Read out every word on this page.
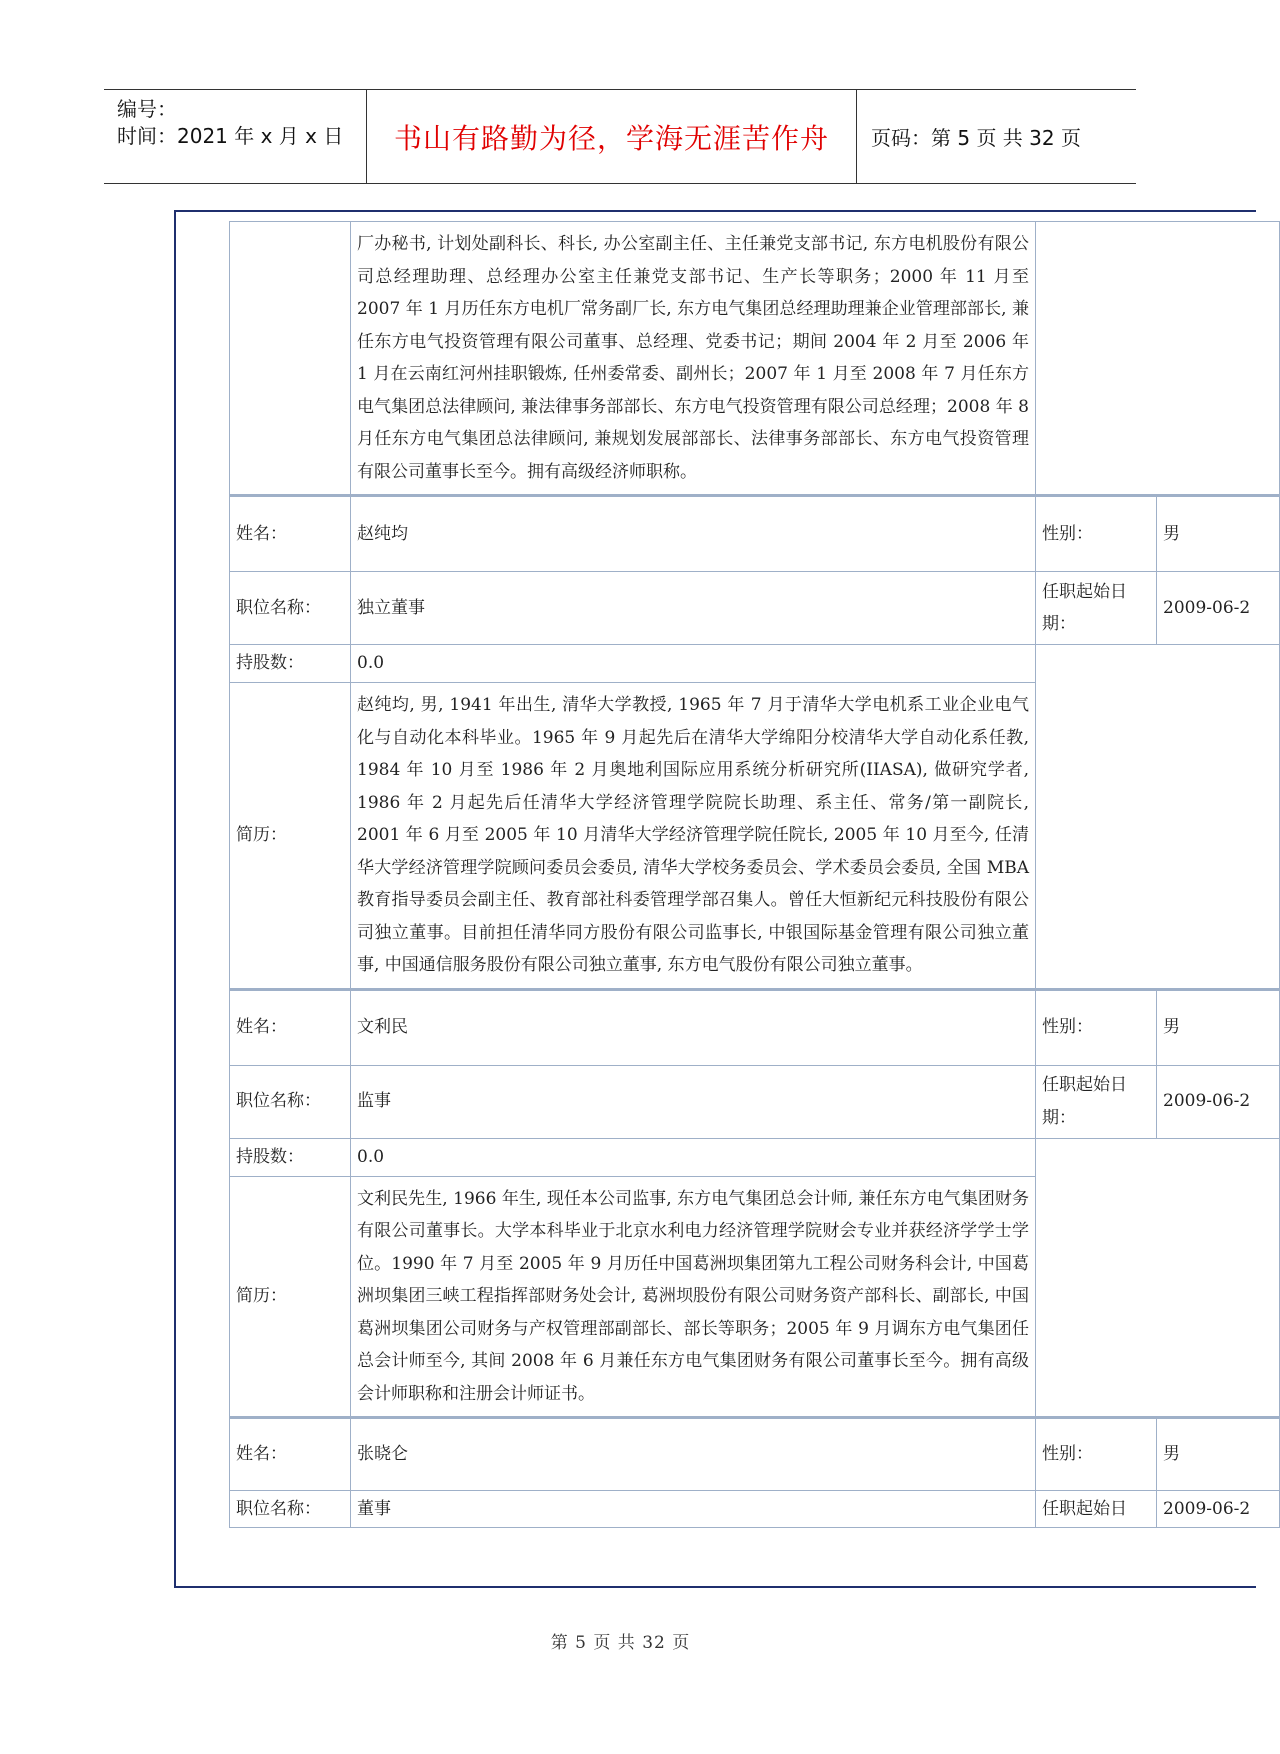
编号：
时间：2021 年 x 月 x 日	书山有路勤为径，学海无涯苦作舟	页码：第 5 页 共 32 页
	厂办秘书, 计划处副科长、科长, 办公室副主任、主任兼党支部书记, 东方电机股份有限公司总经理助理、总经理办公室主任兼党支部书记、生产长等职务；2000 年 11 月至 2007 年 1 月历任东方电机厂常务副厂长, 东方电气集团总经理助理兼企业管理部部长, 兼任东方电气投资管理有限公司董事、总经理、党委书记；期间 2004 年 2 月至 2006 年 1 月在云南红河州挂职锻炼, 任州委常委、副州长；2007 年 1 月至 2008 年 7 月任东方电气集团总法律顾问, 兼法律事务部部长、东方电气投资管理有限公司总经理；2008 年 8 月任东方电气集团总法律顾问, 兼规划发展部部长、法律事务部部长、东方电气投资管理有限公司董事长至今。拥有高级经济师职称。		
姓名：	赵纯均	性别：	男
职位名称：	独立董事	任职起始日期：	2009-06-2
持股数：	0.0		
简历：	赵纯均, 男, 1941 年出生, 清华大学教授, 1965 年 7 月于清华大学电机系工业企业电气化与自动化本科毕业。1965 年 9 月起先后在清华大学绵阳分校清华大学自动化系任教, 1984 年 10 月至 1986 年 2 月奥地利国际应用系统分析研究所(IIASA), 做研究学者, 1986 年 2 月起先后任清华大学经济管理学院院长助理、系主任、常务/第一副院长, 2001 年 6 月至 2005 年 10 月清华大学经济管理学院任院长, 2005 年 10 月至今, 任清华大学经济管理学院顾问委员会委员, 清华大学校务委员会、学术委员会委员, 全国 MBA 教育指导委员会副主任、教育部社科委管理学部召集人。曾任大恒新纪元科技股份有限公司独立董事。目前担任清华同方股份有限公司监事长, 中银国际基金管理有限公司独立董事, 中国通信服务股份有限公司独立董事, 东方电气股份有限公司独立董事。		
姓名：	文利民	性别：	男
职位名称：	监事	任职起始日期：	2009-06-2
持股数：	0.0		
简历：	文利民先生, 1966 年生, 现任本公司监事, 东方电气集团总会计师, 兼任东方电气集团财务有限公司董事长。大学本科毕业于北京水利电力经济管理学院财会专业并获经济学学士学位。1990 年 7 月至 2005 年 9 月历任中国葛洲坝集团第九工程公司财务科会计, 中国葛洲坝集团三峡工程指挥部财务处会计, 葛洲坝股份有限公司财务资产部科长、副部长, 中国葛洲坝集团公司财务与产权管理部副部长、部长等职务；2005 年 9 月调东方电气集团任总会计师至今, 其间 2008 年 6 月兼任东方电气集团财务有限公司董事长至今。拥有高级会计师职称和注册会计师证书。		
姓名：	张晓仑	性别：	男
职位名称：	董事	任职起始日	2009-06-2
第 5 页 共 32 页
